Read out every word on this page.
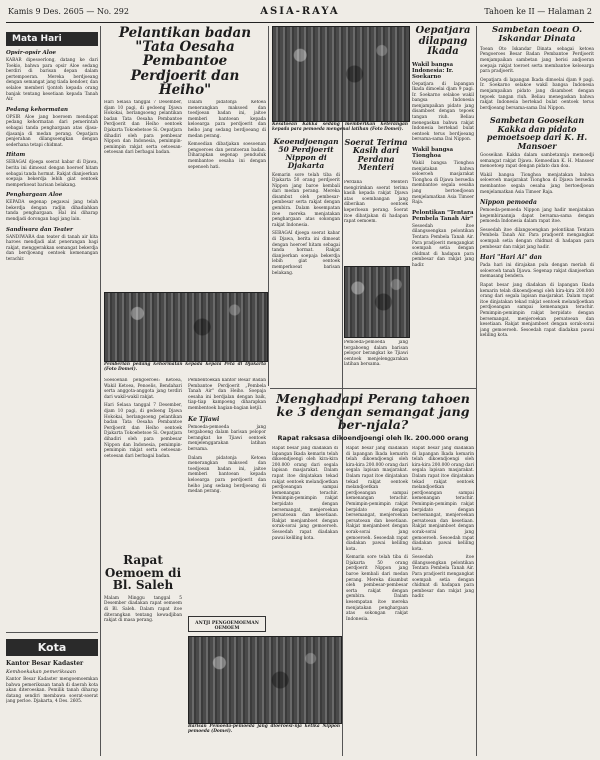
Kamis 9 Des. 2605 — No. 292	ASIA-RAYA	Tahoen ke II — Halaman 2
Mata Hari
Opsir-opsir Aloe
KABAR dipesoerlong, datang ke dari Toekio, bahwa para opsir Aloe sedang berdiri di barisan depan dalam pertempoeran. Mereka berdjoeang dengan semangat jang tiada kendoer, dan selaloe memberi tjontoh kepada orang banjak tentang kesetiaan kepada Tanah Air.
Pedang kehormatan
OPSIR Aloe jang boeroem mendapat pedang kehormatan dari pemerintah sebagai tanda penghargaan atas djasa-djasanja di medan perang. Oepatjara penjerahan dilangsoengkan dengan sederhana tetapi chidmat.
Hitam
SEBAGAI djoega soerat kabar di Djawa, berita ini dimoeat dengan hoeroef hitam sebagai tanda hormat. Rakjat dianjoerkan soepaja bekerdja lebih giat oentoek memperkoeat barisan belakang.
Penghargaan Aloe
KEPADA segenap pegawai jang telah bekerdja dengan radjin dihadiahkan tanda penghargaan. Hal ini diharap mendjadi dorongan bagi jang lain.
Sandiwara dan Teater
SANDIWARA dan teater di tanah air kita haroes mendjadi alat penerangan bagi rakjat, menggerakkan semangat bekerdja dan berdjoeang oentoek kemenangan terachir.
Kota
Kantor Besar Kadaster
Kemboekakan pemeriksaan
Kantor Besar Kadaster mengoemoemkan bahwa pemeriksaan tanah di daerah kota akan diteroeskan. Pemilik tanah diharap datang sendiri membawa soerat-soerat jang perloe. Djakarta, 4 Des. 2605.
Pelantikan badan "Tata Oesaha Pembantoe Perdjoerit dan Heiho"
Hari Selasa tanggal 7 Desember, djam 10 pagi, di gedoeng Djawa Hokokai, berlangsoeng pelantikan badan Tata Oesaha Pembantoe Perdjoerit dan Heiho oentoek Djakarta Tokoebetsoe Si. Oepatjara dihadiri oleh para pembesar Nippon dan Indonesia, pemimpin-pemimpin rakjat serta oetoesan-oetoesan dari berbagai badan.
Dalam pidatonja Ketoea menerangkan maksoed dan toedjoean badan ini, jaitoe memberi bantoean kepada keloearga para perdjoerit dan heiho jang sedang berdjoeang di medan perang.
Kemoedian dibatjakan soesoenan pengoeroes dan peratoeran badan. Diharapkan segenap penduduk membantoe oesaha ini dengan sepenoeh hati.
Pemberian pedang kehormatan kepada kepala Peta di Djakarta (Foto Domei).
Soesoenan pengoeroes: Ketoea, Wakil Ketoea, Penoelis, Bendahari serta anggota-anggota jang terdiri dari wakil-wakil rakjat.
Hari Selasa tanggal 7 Desember, djam 10 pagi, di gedoeng Djawa Hokokai, berlangsoeng pelantikan badan Tata Oesaha Pembantoe Perdjoerit dan Heiho oentoek Djakarta Tokoebetsoe Si. Oepatjara dihadiri oleh para pembesar Nippon dan Indonesia, pemimpin-pemimpin rakjat serta oetoesan-oetoesan dari berbagai badan.
Rapat Oemoem di Bl. Saleh
Malam Minggu tanggal 5 Desember diadakan rapat oemoem di Bl. Saleh. Dalam rapat itoe diterangkan tentang kewadjiban rakjat di masa perang.
Pembentoekan kantor Besar Badan Pembantoe Perdjoerit „Pembela Tanah Air" dan Heiho. Soepaja oesaha ini berdjalan dengan baik, tiap-tiap kampoeng diharapkan membentoek bagian-bagian ketjil.
Ke Tjiawi
Pemoeda-pemoeda jang tergaboeng dalam barisan pelopor berangkat ke Tjiawi oentoek menjelenggarakan latihan bersama.
Dalam pidatonja Ketoea menerangkan maksoed dan toedjoean badan ini, jaitoe memberi bantoean kepada keloearga para perdjoerit dan heiho jang sedang berdjoeang di medan perang.
ANTJI PENGOEMOEMAN OEMOEM
Barisan Pemoeda-pemoeda jang dioeroesi-nja ketika Nippon pemoeda (Domei).
Kesatoean Kakka sedang memberikan keterangan kepada para pemoeda mengenai latihan (Foto Domei).
Keoendjoengan 50 Perdjoerit Nippon di Djakarta
Kemarin sore telah tiba di Djakarta 50 orang perdjoerit Nippon jang baroe kembali dari medan perang. Mereka disambut oleh pembesar-pembesar serta rakjat dengan gembira. Dalam kesempatan itoe mereka menjatakan penghargaan atas sokongan rakjat Indonesia.
SEBAGAI djoega soerat kabar di Djawa, berita ini dimoeat dengan hoeroef hitam sebagai tanda hormat. Rakjat dianjoerkan soepaja bekerdja lebih giat oentoek memperkoeat barisan belakang.
Soerat Terima Kasih dari Perdana Menteri
Perdana Menteri mengirimkan soerat terima kasih kepada rakjat Djawa atas soembangan jang diberikan oentoek keperloean perang. Soerat itoe dibatjakan di hadapan rapat oemoem.
Pemoeda-pemoeda jang tergaboeng dalam barisan pelopor berangkat ke Tjiawi oentoek menjelenggarakan latihan bersama.
Menghadapi Perang tahoen ke 3 dengan semangat jang ber-njala?
Rapat raksasa dikoendjoengi oleh lk. 200.000 orang
Rapat besar jang diadakan di lapangan Ikada kemarin telah dikoendjoengi oleh kira-kira 200.000 orang dari segala lapisan masjarakat. Dalam rapat itoe dinjatakan tekad rakjat oentoek melandjoetkan perdjoeangan sampai kemenangan terachir. Pemimpin-pemimpin rakjat berpidato dengan bersemangat, menjeroekan persatoean dan kesetiaan. Rakjat menjamboet dengan sorak-sorai jang gemoeroeh. Sesoedah rapat diadakan pawai keliling kota.
Rapat besar jang diadakan di lapangan Ikada kemarin telah dikoendjoengi oleh kira-kira 200.000 orang dari segala lapisan masjarakat. Dalam rapat itoe dinjatakan tekad rakjat oentoek melandjoetkan perdjoeangan sampai kemenangan terachir. Pemimpin-pemimpin rakjat berpidato dengan bersemangat, menjeroekan persatoean dan kesetiaan. Rakjat menjamboet dengan sorak-sorai jang gemoeroeh. Sesoedah rapat diadakan pawai keliling kota.
Kemarin sore telah tiba di Djakarta 50 orang perdjoerit Nippon jang baroe kembali dari medan perang. Mereka disambut oleh pembesar-pembesar serta rakjat dengan gembira. Dalam kesempatan itoe mereka menjatakan penghargaan atas sokongan rakjat Indonesia.
Rapat besar jang diadakan di lapangan Ikada kemarin telah dikoendjoengi oleh kira-kira 200.000 orang dari segala lapisan masjarakat. Dalam rapat itoe dinjatakan tekad rakjat oentoek melandjoetkan perdjoeangan sampai kemenangan terachir. Pemimpin-pemimpin rakjat berpidato dengan bersemangat, menjeroekan persatoean dan kesetiaan. Rakjat menjamboet dengan sorak-sorai jang gemoeroeh. Sesoedah rapat diadakan pawai keliling kota.
Sesoedah itoe dilangsoengkan pelontikan Tentara Pembela Tanah Air. Para pradjoerit mengangkat soempah setia dengan chidmat di hadapan para pembesar dan rakjat jang hadir.
Oepatjara dilapang Ikada
Wakil bangsa Indonesia: Ir. Soekarno
Oepatjara di lapangan Ikada dimoelai djam 9 pagi. Ir. Soekarno selakoe wakil bangsa Indonesia menjampaikan pidato jang disamboet dengan tepoek tangan riuh. Beliau menegaskan bahwa rakjat Indonesia bertekad bulat oentoek terus berdjoeang bersama-sama Dai Nippon.
Wakil bangsa Tionghoa
Wakil bangsa Tionghoa menjatakan bahwa seloeroeh masjarakat Tionghoa di Djawa bersedia membantoe segala oesaha jang bertoedjoean menjelamatkan Asia Timoer Raja.
Pelontikan "Tentara Pembela Tanah Air"
Sesoedah itoe dilangsoengkan pelontikan Tentara Pembela Tanah Air. Para pradjoerit mengangkat soempah setia dengan chidmat di hadapan para pembesar dan rakjat jang hadir.
Sambetan toean O. Iskandar Dinata
Toean Oto Iskandar Dinata sebagai ketoea Pengoeroes Besar Badan Pembantoe Perdjoerit menjampaikan sambetan jang berisi andjoeran soepaja rakjat toeroet serta membantoe keloearga para pradjoerit.
Oepatjara di lapangan Ikada dimoelai djam 9 pagi. Ir. Soekarno selakoe wakil bangsa Indonesia menjampaikan pidato jang disamboet dengan tepoek tangan riuh. Beliau menegaskan bahwa rakjat Indonesia bertekad bulat oentoek terus berdjoeang bersama-sama Dai Nippon.
Sambetan Gooseikan Kakka dan pidato pemoetsoep dari K. H. Mansoer
Gooseikan Kakka dalam sambetannja memoedji semangat rakjat Djawa. Kemoedian K. H. Mansoer menoetoep rapat dengan pidato dan doa.
Wakil bangsa Tionghoa menjatakan bahwa seloeroeh masjarakat Tionghoa di Djawa bersedia membantoe segala oesaha jang bertoedjoean menjelamatkan Asia Timoer Raja.
Nippon pemoeda
Pemoeda-pemoeda Nippon jang hadir menjatakan kegembiraannja dapat bersama-sama dengan pemoeda Indonesia dalam rapat itoe.
Sesoedah itoe dilangsoengkan pelontikan Tentara Pembela Tanah Air. Para pradjoerit mengangkat soempah setia dengan chidmat di hadapan para pembesar dan rakjat jang hadir.
Hari "Hari Ai" dan
Pada hari ini dirajakan pula dengan meriah di seloeroeh tanah Djawa. Segenap rakjat dianjoerkan memasang bendera.
Rapat besar jang diadakan di lapangan Ikada kemarin telah dikoendjoengi oleh kira-kira 200.000 orang dari segala lapisan masjarakat. Dalam rapat itoe dinjatakan tekad rakjat oentoek melandjoetkan perdjoeangan sampai kemenangan terachir. Pemimpin-pemimpin rakjat berpidato dengan bersemangat, menjeroekan persatoean dan kesetiaan. Rakjat menjamboet dengan sorak-sorai jang gemoeroeh. Sesoedah rapat diadakan pawai keliling kota.
